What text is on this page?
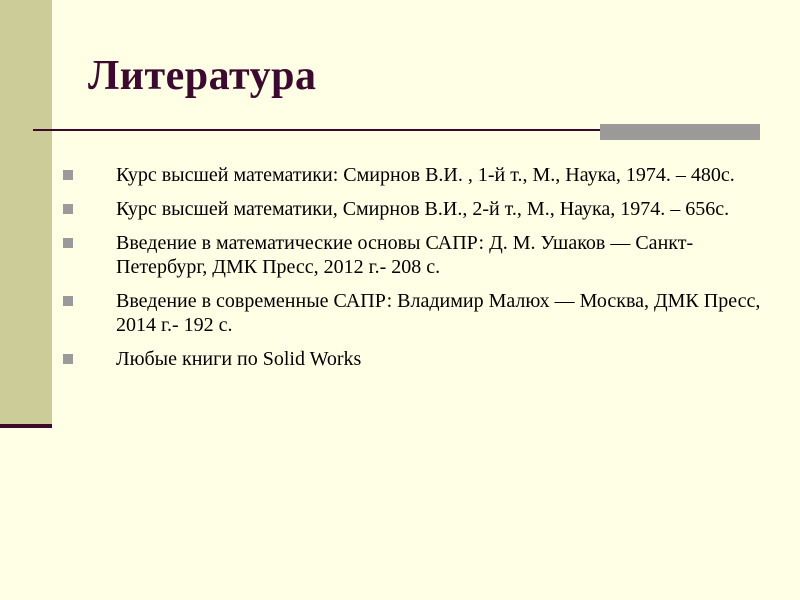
Литература
Курс высшей математики: Смирнов В.И. , 1-й т., М., Наука, 1974. – 480с.
Курс высшей математики, Смирнов В.И., 2-й т., М., Наука, 1974. – 656с.
Введение в математические основы САПР: Д. М. Ушаков — Санкт-Петербург, ДМК Пресс, 2012 г.- 208 с.
Введение в современные САПР: Владимир Малюх — Москва, ДМК Пресс, 2014 г.- 192 с.
Любые книги по Solid Works
